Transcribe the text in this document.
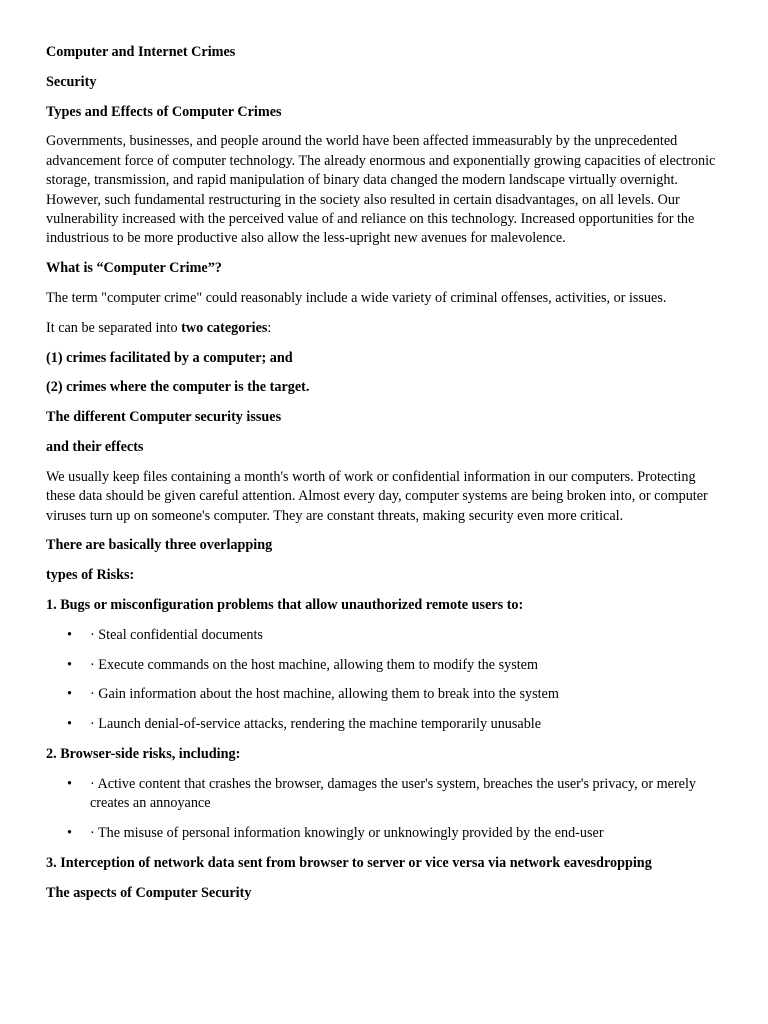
Computer and Internet Crimes

Security

Types and Effects of Computer Crimes

Governments, businesses, and people around the world have been affected immeasurably by the unprecedented advancement force of computer technology. The already enormous and exponentially growing capacities of electronic storage, transmission, and rapid manipulation of binary data changed the modern landscape virtually overnight. However, such fundamental restructuring in the society also resulted in certain disadvantages, on all levels. Our vulnerability increased with the perceived value of and reliance on this technology. Increased opportunities for the industrious to be more productive also allow the less-upright new avenues for malevolence.

What is “Computer Crime”?

The term "computer crime" could reasonably include a wide variety of criminal offenses, activities, or issues.

It can be separated into two categories:

(1) crimes facilitated by a computer; and

(2) crimes where the computer is the target.

The different Computer security issues

and their effects

We usually keep files containing a month's worth of work or confidential information in our computers. Protecting these data should be given careful attention. Almost every day, computer systems are being broken into, or computer viruses turn up on someone's computer. They are constant threats, making security even more critical.

There are basically three overlapping

types of Risks:

1. Bugs or misconfiguration problems that allow unauthorized remote users to:

• · Steal confidential documents
• · Execute commands on the host machine, allowing them to modify the system
• · Gain information about the host machine, allowing them to break into the system
• · Launch denial-of-service attacks, rendering the machine temporarily unusable

2. Browser-side risks, including:

• · Active content that crashes the browser, damages the user's system, breaches the user's privacy, or merely creates an annoyance
• · The misuse of personal information knowingly or unknowingly provided by the end-user

3. Interception of network data sent from browser to server or vice versa via network eavesdropping

The aspects of Computer Security
